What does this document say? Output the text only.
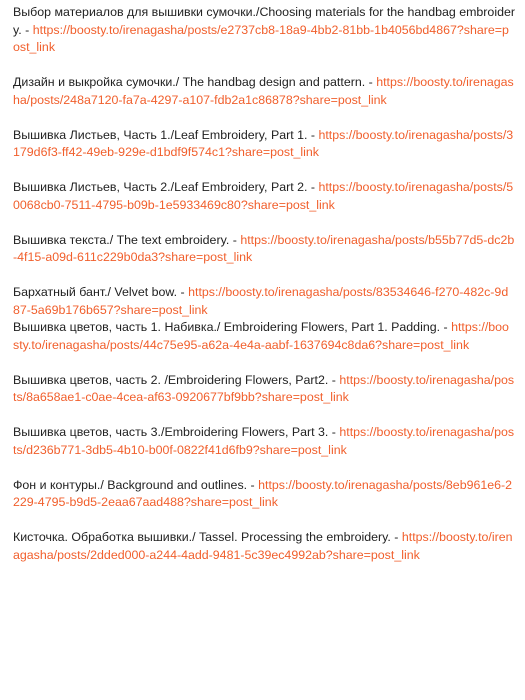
Выбор материалов для вышивки сумочки./Choosing materials for the handbag embroidery. - https://boosty.to/irenagasha/posts/e2737cb8-18a9-4bb2-81bb-1b4056bd4867?share=post_link

Дизайн и выкройка сумочки./ The handbag design and pattern. - https://boosty.to/irenagasha/posts/248a7120-fa7a-4297-a107-fdb2a1c86878?share=post_link

Вышивка Листьев, Часть 1./Leaf Embroidery, Part 1. - https://boosty.to/irenagasha/posts/3179d6f3-ff42-49eb-929e-d1bdf9f574c1?share=post_link

Вышивка Листьев, Часть 2./Leaf Embroidery, Part 2. - https://boosty.to/irenagasha/posts/50068cb0-7511-4795-b09b-1e5933469c80?share=post_link

Вышивка текста./ The text embroidery. - https://boosty.to/irenagasha/posts/b55b77d5-dc2b-4f15-a09d-611c229b0da3?share=post_link

Бархатный бант./ Velvet bow. - https://boosty.to/irenagasha/posts/83534646-f270-482c-9d87-5a69b176b657?share=post_link

Вышивка цветов, часть 1. Набивка./ Embroidering Flowers, Part 1. Padding. - https://boosty.to/irenagasha/posts/44c75e95-a62a-4e4a-aabf-1637694c8da6?share=post_link

Вышивка цветов, часть 2. /Embroidering Flowers, Part2. - https://boosty.to/irenagasha/posts/8a658ae1-c0ae-4cea-af63-0920677bf9bb?share=post_link

Вышивка цветов, часть 3./Embroidering Flowers, Part 3. - https://boosty.to/irenagasha/posts/d236b771-3db5-4b10-b00f-0822f41d6fb9?share=post_link

Фон и контуры./ Background and outlines. - https://boosty.to/irenagasha/posts/8eb961e6-2229-4795-b9d5-2eaa67aad488?share=post_link

Кисточка. Обработка вышивки./ Tassel. Processing the embroidery. - https://boosty.to/irenagasha/posts/2dded000-a244-4add-9481-5c39ec4992ab?share=post_link
